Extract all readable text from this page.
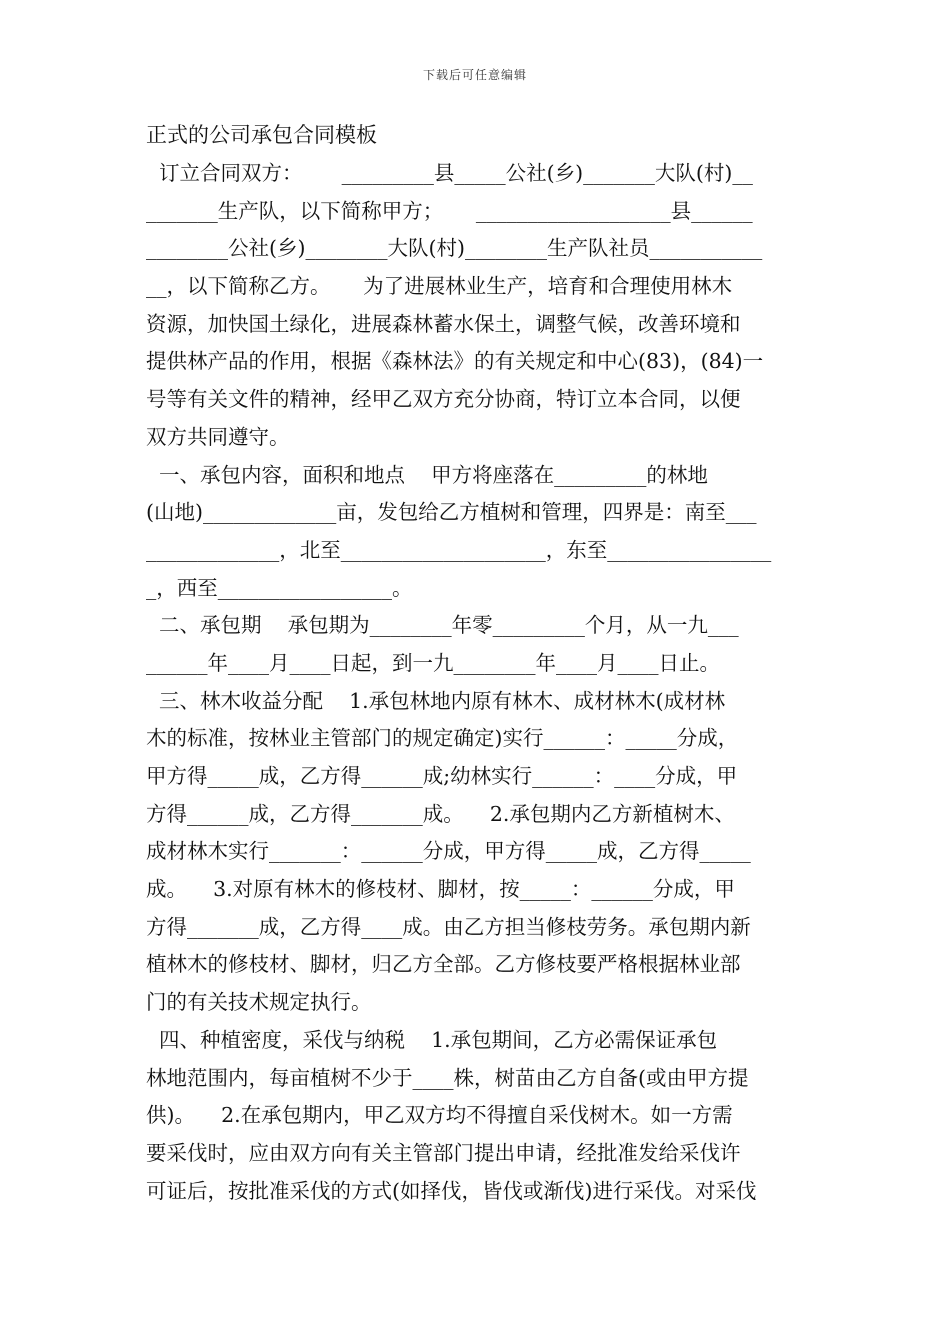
下载后可任意编辑
正式的公司承包合同模板

订立合同双方：      _________县_____公社(乡)_______大队(村)__

_______生产队，以下简称甲方；     ___________________县______

________公社(乡)________大队(村)________生产队社员___________

__，以下简称乙方。     为了进展林业生产，培育和合理使用林木

资源，加快国土绿化，进展森林蓄水保土，调整气候，改善环境和

提供林产品的作用，根据《森林法》的有关规定和中心(83)，(84)一

号等有关文件的精神，经甲乙双方充分协商，特订立本合同，以便

双方共同遵守。

一、承包内容，面积和地点    甲方将座落在_________的林地

(山地)_____________亩，发包给乙方植树和管理，四界是：南至___

_____________，北至____________________，东至________________

_，西至_________________。

二、承包期    承包期为________年零_________个月，从一九___

______年____月____日起，到一九________年____月____日止。

三、林木收益分配    1.承包林地内原有林木、成材林木(成材林

木的标准，按林业主管部门的规定确定)实行______：_____分成，

甲方得_____成，乙方得______成;幼林实行______：____分成，甲

方得______成，乙方得_______成。    2.承包期内乙方新植树木、

成材林木实行_______：______分成，甲方得_____成，乙方得_____

成。    3.对原有林木的修枝材、脚材，按_____：______分成，甲

方得_______成，乙方得____成。由乙方担当修枝劳务。承包期内新

植林木的修枝材、脚材，归乙方全部。乙方修枝要严格根据林业部

门的有关技术规定执行。

四、种植密度，采伐与纳税    1.承包期间，乙方必需保证承包

林地范围内，每亩植树不少于____株，树苗由乙方自备(或由甲方提

供)。    2.在承包期内，甲乙双方均不得擅自采伐树木。如一方需

要采伐时，应由双方向有关主管部门提出申请，经批准发给采伐许

可证后，按批准采伐的方式(如择伐，皆伐或渐伐)进行采伐。对采伐
